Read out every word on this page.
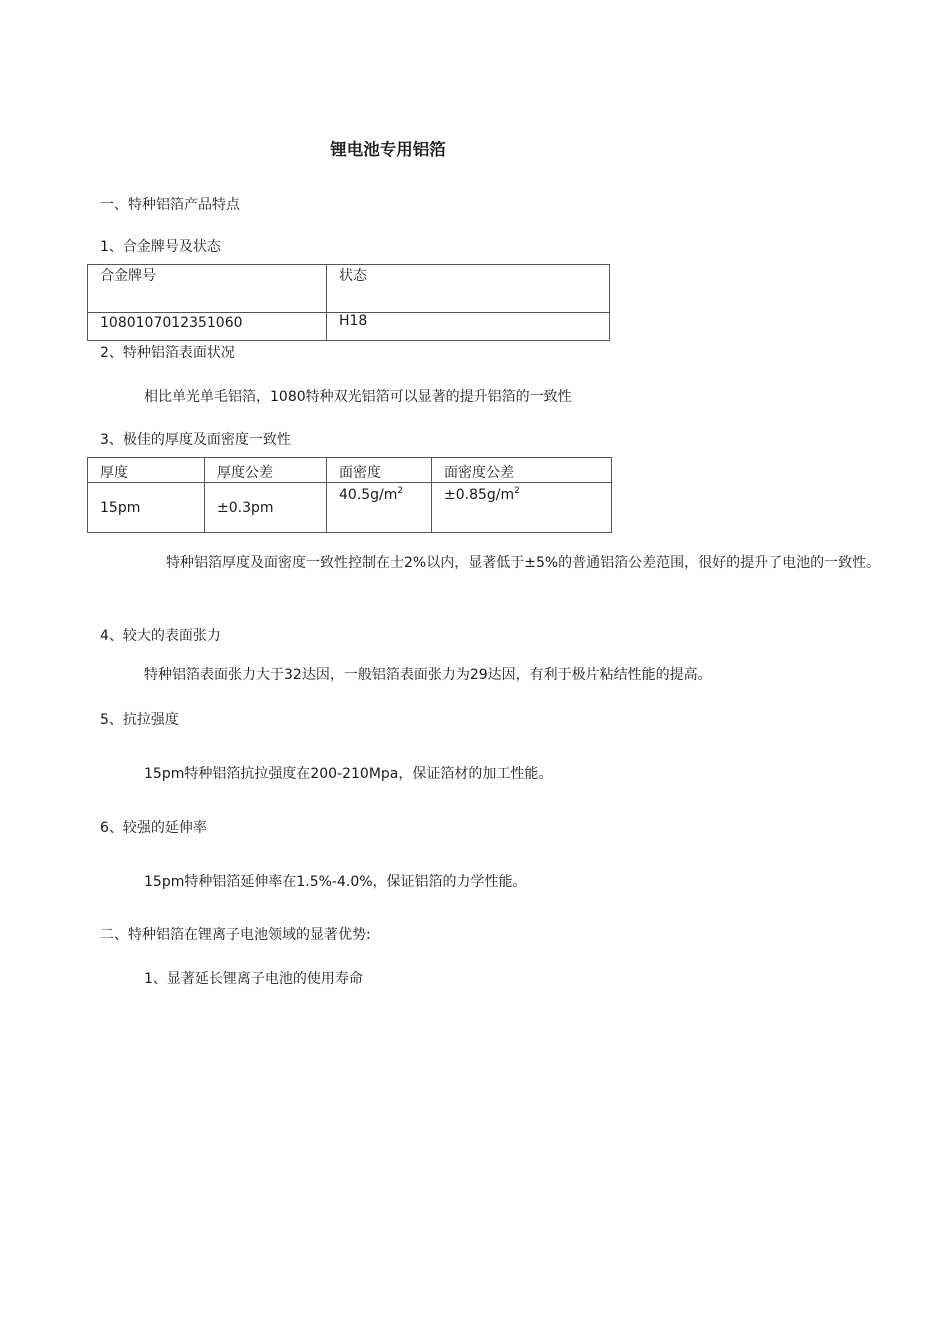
锂电池专用铝箔
一、特种铝箔产品特点
1、合金牌号及状态
合金牌号	状态
1080107012351060	H18
2、特种铝箔表面状况
相比单光单毛铝箔，1080特种双光铝箔可以显著的提升铝箔的一致性
3、极佳的厚度及面密度一致性
厚度	厚度公差	面密度	面密度公差
15pm	±0.3pm	$40.5g/m^2$	$\pm 0.85g/m^2$
特种铝箔厚度及面密度一致性控制在士2%以内，显著低于±5%的普通铝箔公差范围，很好的提升了电池的一致性。
4、较大的表面张力
特种铝箔表面张力大于32达因，一般铝箔表面张力为29达因，有利于极片粘结性能的提高。
5、抗拉强度
15pm特种铝箔抗拉强度在200-210Mpa，保证箔材的加工性能。
6、较强的延伸率
15pm特种铝箔延伸率在1.5%-4.0%，保证铝箔的力学性能。
二、特种铝箔在锂离子电池领域的显著优势:
1、显著延长锂离子电池的使用寿命
